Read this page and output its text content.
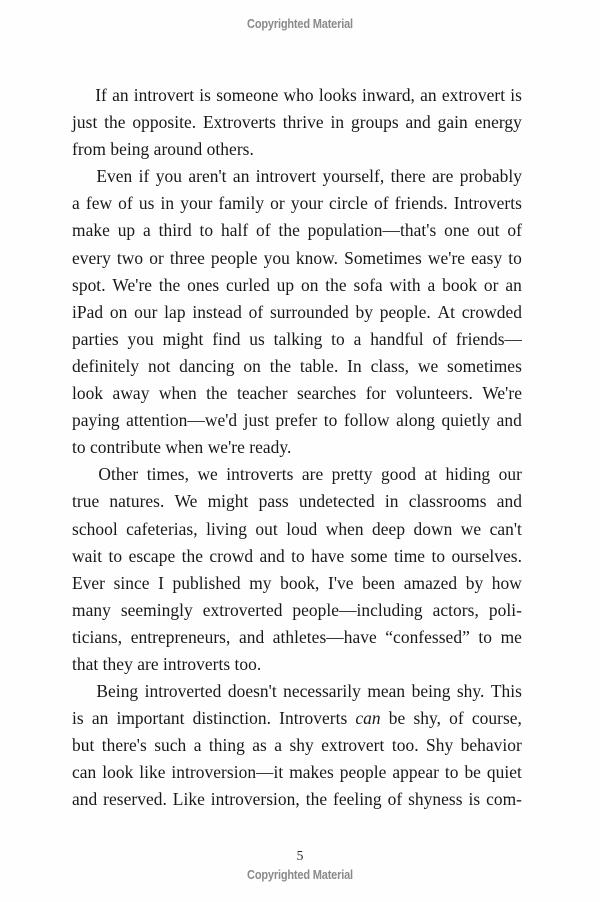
Copyrighted Material
If an introvert is someone who looks inward, an extrovert is
just the opposite. Extroverts thrive in groups and gain energy
from being around others.
Even if you aren't an introvert yourself, there are probably
a few of us in your family or your circle of friends. Introverts
make up a third to half of the population—that's one out of
every two or three people you know. Sometimes we're easy to
spot. We're the ones curled up on the sofa with a book or an
iPad on our lap instead of surrounded by people. At crowded
parties you might find us talking to a handful of friends—
definitely not dancing on the table. In class, we sometimes
look away when the teacher searches for volunteers. We're
paying attention—we'd just prefer to follow along quietly and
to contribute when we're ready.
Other times, we introverts are pretty good at hiding our
true natures. We might pass undetected in classrooms and
school cafeterias, living out loud when deep down we can't
wait to escape the crowd and to have some time to ourselves.
Ever since I published my book, I've been amazed by how
many seemingly extroverted people—including actors, poli-
ticians, entrepreneurs, and athletes—have “confessed” to me
that they are introverts too.
Being introverted doesn't necessarily mean being shy. This
is an important distinction. Introverts can be shy, of course,
but there's such a thing as a shy extrovert too. Shy behavior
can look like introversion—it makes people appear to be quiet
and reserved. Like introversion, the feeling of shyness is com-
5
Copyrighted Material
